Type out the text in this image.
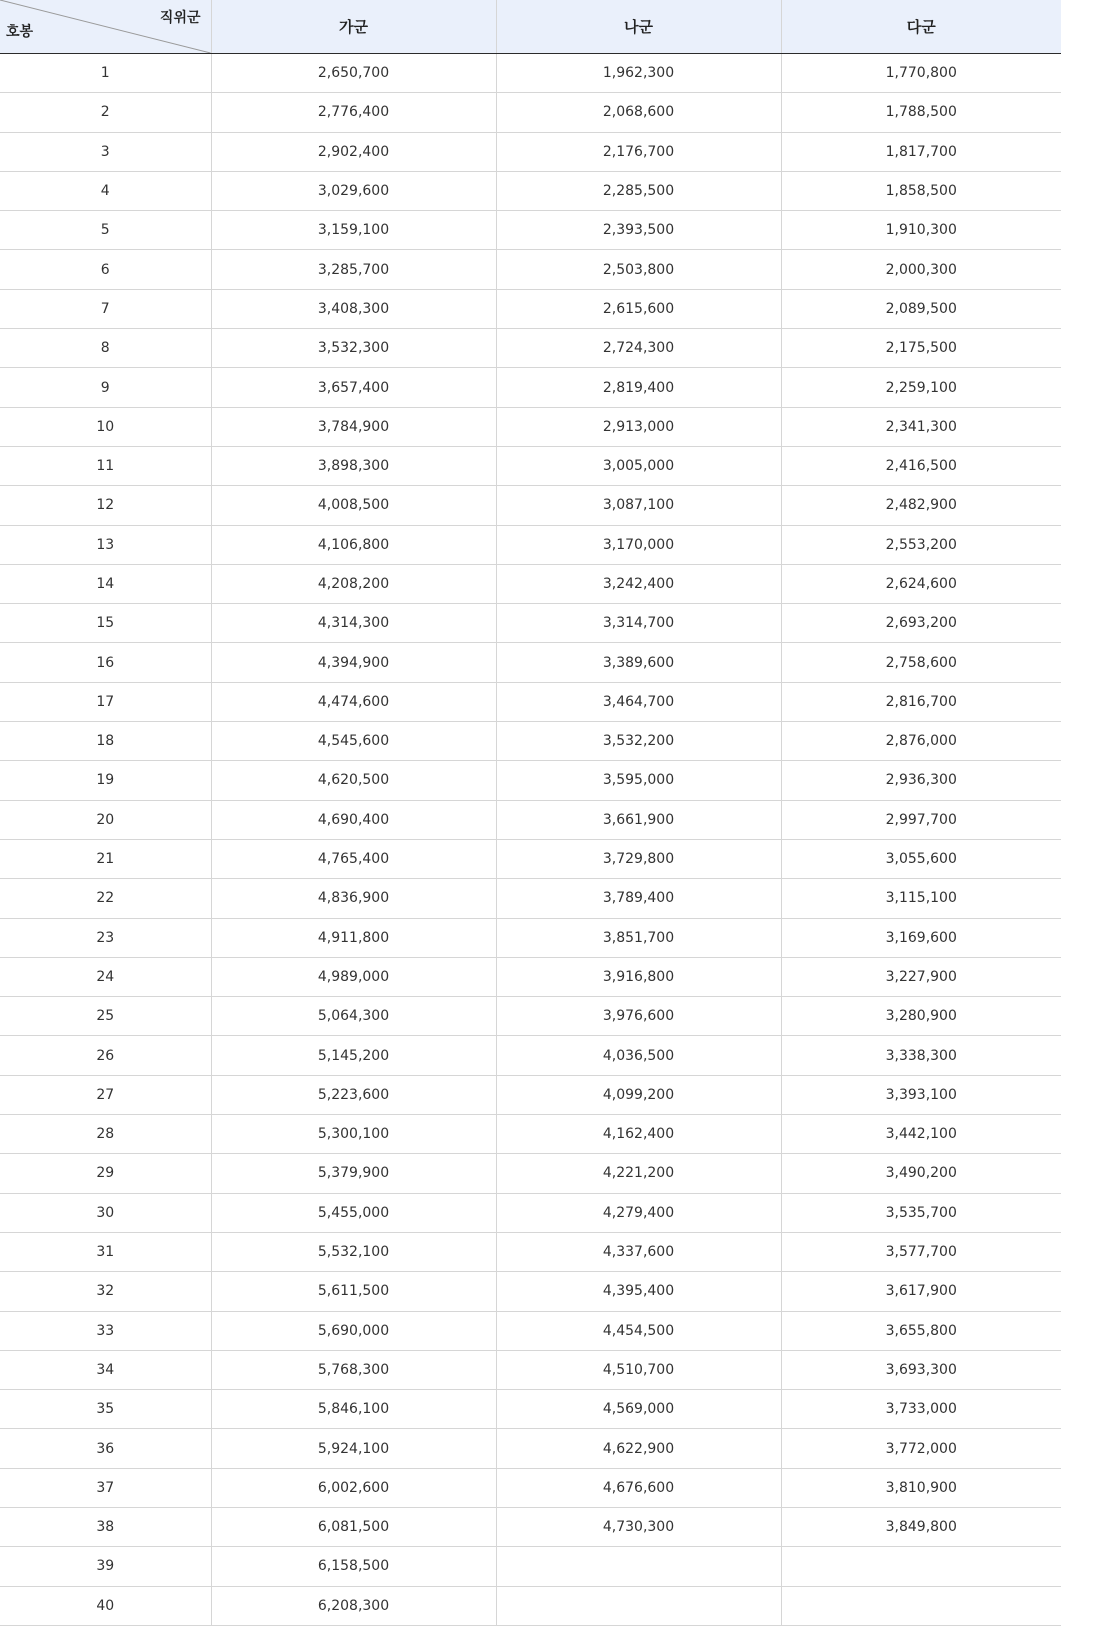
직위군
호봉	가군	나군	다군
1	2,650,700	1,962,300	1,770,800
2	2,776,400	2,068,600	1,788,500
3	2,902,400	2,176,700	1,817,700
4	3,029,600	2,285,500	1,858,500
5	3,159,100	2,393,500	1,910,300
6	3,285,700	2,503,800	2,000,300
7	3,408,300	2,615,600	2,089,500
8	3,532,300	2,724,300	2,175,500
9	3,657,400	2,819,400	2,259,100
10	3,784,900	2,913,000	2,341,300
11	3,898,300	3,005,000	2,416,500
12	4,008,500	3,087,100	2,482,900
13	4,106,800	3,170,000	2,553,200
14	4,208,200	3,242,400	2,624,600
15	4,314,300	3,314,700	2,693,200
16	4,394,900	3,389,600	2,758,600
17	4,474,600	3,464,700	2,816,700
18	4,545,600	3,532,200	2,876,000
19	4,620,500	3,595,000	2,936,300
20	4,690,400	3,661,900	2,997,700
21	4,765,400	3,729,800	3,055,600
22	4,836,900	3,789,400	3,115,100
23	4,911,800	3,851,700	3,169,600
24	4,989,000	3,916,800	3,227,900
25	5,064,300	3,976,600	3,280,900
26	5,145,200	4,036,500	3,338,300
27	5,223,600	4,099,200	3,393,100
28	5,300,100	4,162,400	3,442,100
29	5,379,900	4,221,200	3,490,200
30	5,455,000	4,279,400	3,535,700
31	5,532,100	4,337,600	3,577,700
32	5,611,500	4,395,400	3,617,900
33	5,690,000	4,454,500	3,655,800
34	5,768,300	4,510,700	3,693,300
35	5,846,100	4,569,000	3,733,000
36	5,924,100	4,622,900	3,772,000
37	6,002,600	4,676,600	3,810,900
38	6,081,500	4,730,300	3,849,800
39	6,158,500		
40	6,208,300		
